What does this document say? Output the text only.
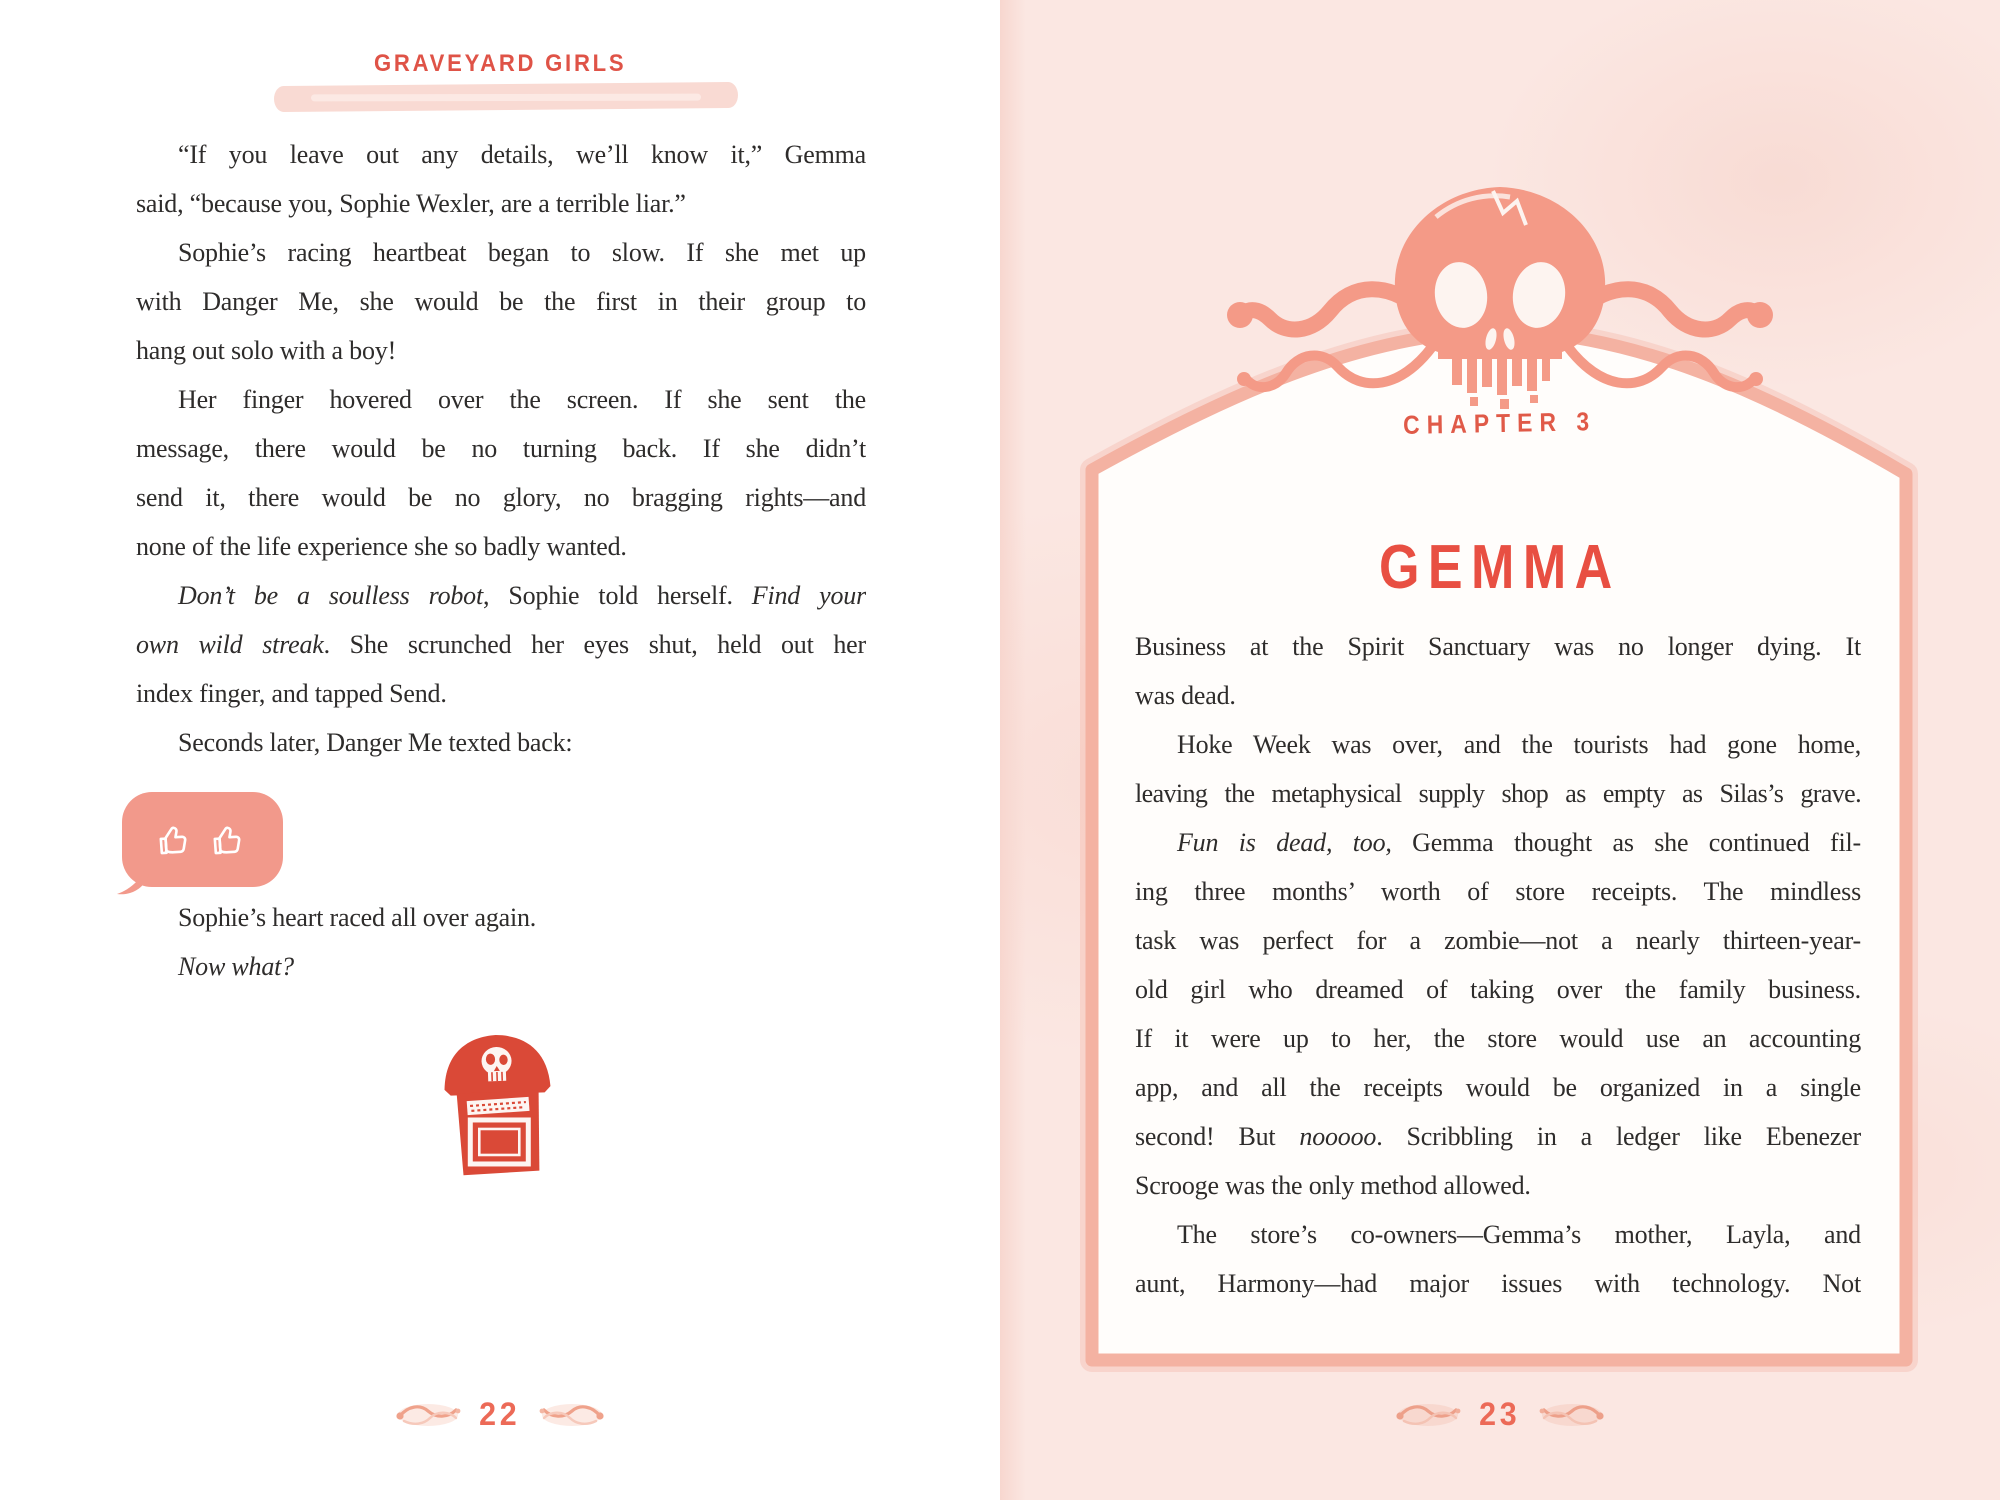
GRAVEYARD GIRLS
“If you leave out any details, we’ll know it,” Gemma
said, “because you, Sophie Wexler, are a terrible liar.”
Sophie’s racing heartbeat began to slow. If she met up
with Danger Me, she would be the first in their group to
hang out solo with a boy!
Her finger hovered over the screen. If she sent the
message, there would be no turning back. If she didn’t
send it, there would be no glory, no bragging rights—and
none of the life experience she so badly wanted.
Don’t be a soulless robot, Sophie told herself. Find your
own wild streak. She scrunched her eyes shut, held out her
index finger, and tapped Send.
Seconds later, Danger Me texted back:
Sophie’s heart raced all over again.
Now what?
22
CHAPTER 3
GEMMA
Business at the Spirit Sanctuary was no longer dying. It
was dead.
Hoke Week was over, and the tourists had gone home,
leaving the metaphysical supply shop as empty as Silas’s grave.
Fun is dead, too, Gemma thought as she continued fil-
ing three months’ worth of store receipts. The mindless
task was perfect for a zombie—not a nearly thirteen-year-
old girl who dreamed of taking over the family business.
If it were up to her, the store would use an accounting
app, and all the receipts would be organized in a single
second! But nooooo. Scribbling in a ledger like Ebenezer
Scrooge was the only method allowed.
The store’s co-owners—Gemma’s mother, Layla, and
aunt, Harmony—had major issues with technology. Not
23
